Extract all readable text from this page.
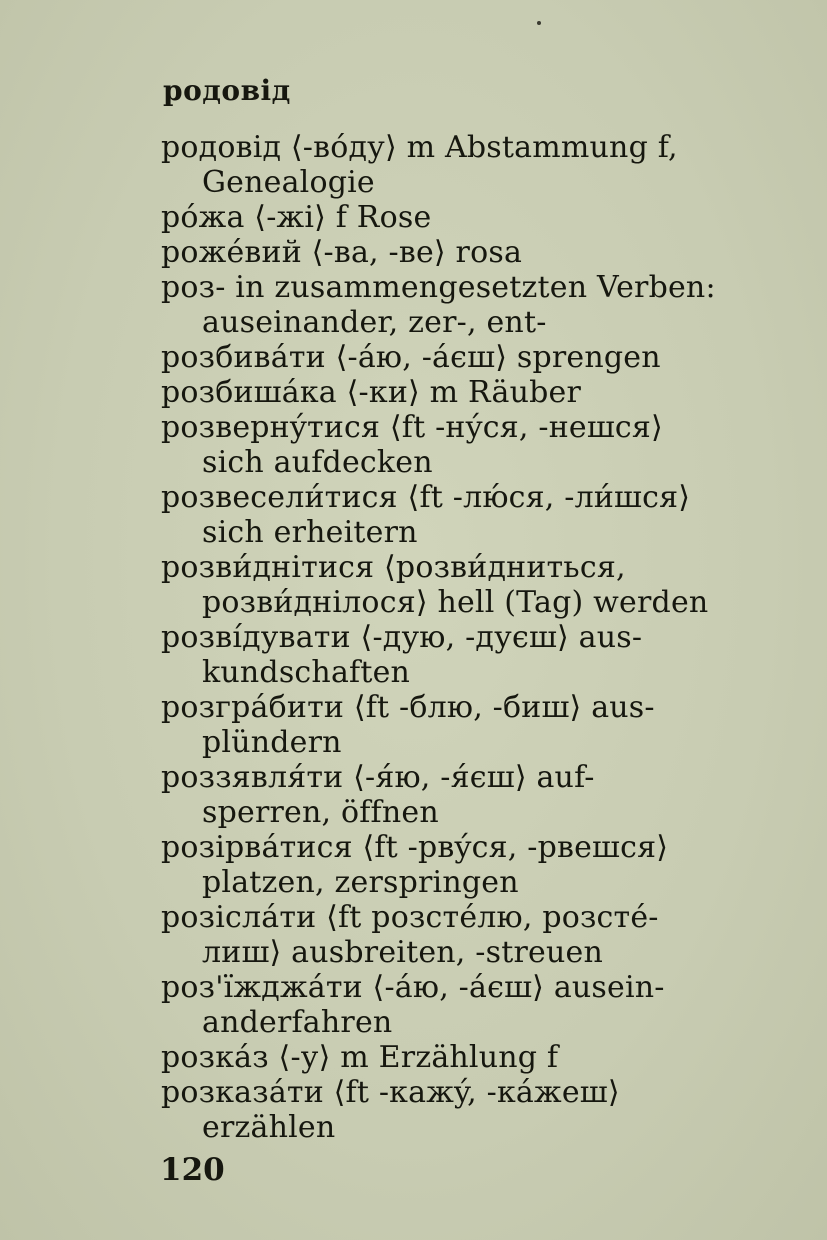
родовід
родовід ⟨-вóду⟩ m Abstammung f,
Genealogie
рóжа ⟨-жі⟩ f Rose
рожéвий ⟨-ва, -ве⟩ rosa
роз- in zusammengesetzten Verben:
auseinander, zer-, ent-
розбивáти ⟨-áю, -áєш⟩ sprengen
розбишáка ⟨-ки⟩ m Räuber
розвернýтися ⟨ft -нýся, -нешся⟩
sich aufdecken
розвесели́тися ⟨ft -лю́ся, -ли́шся⟩
sich erheitern
розви́днітися ⟨розви́дниться,
розви́днілося⟩ hell (Tag) werden
розві́дувати ⟨-дую, -дуєш⟩ aus-
kundschaften
розгрáбити ⟨ft -блю, -биш⟩ aus-
plündern
роззявля́ти ⟨-я́ю, -я́єш⟩ auf-
sperren, öffnen
розірвáтися ⟨ft -рвýся, -рвешся⟩
platzen, zerspringen
розіслáти ⟨ft розстéлю, розсте́-
лиш⟩ ausbreiten, -streuen
роз'їжджáти ⟨-áю, -áєш⟩ ausein-
anderfahren
розкáз ⟨-у⟩ m Erzählung f
розказáти ⟨ft -кажý, -кáжеш⟩
erzählen
120
